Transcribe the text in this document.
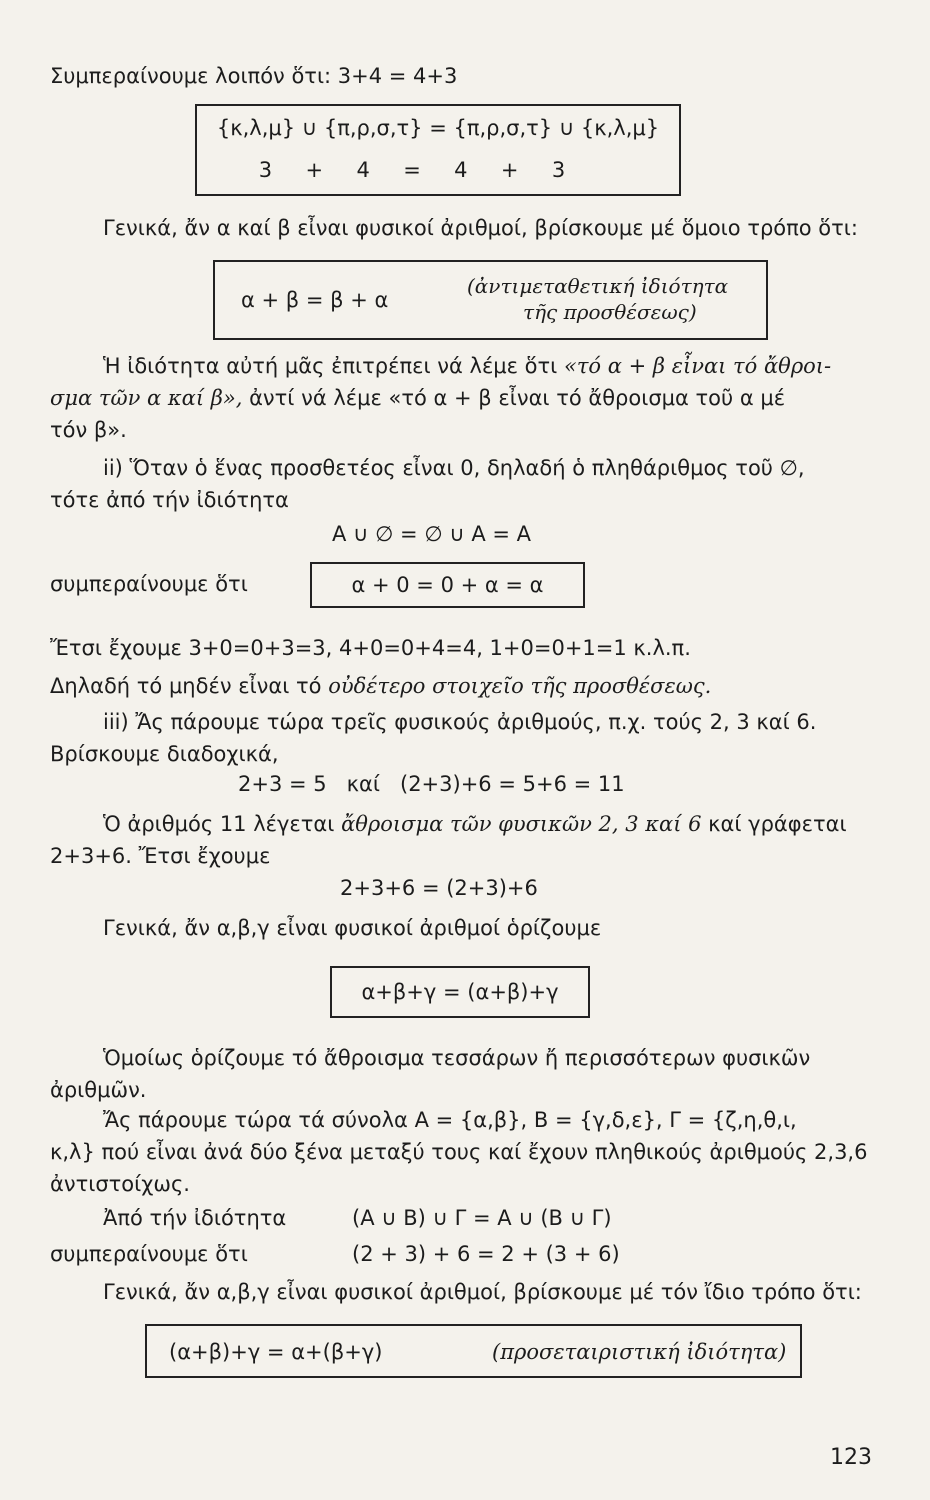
Συμπεραίνουμε λοιπόν ὅτι: 3+4 = 4+3
{κ,λ,μ} ∪ {π,ρ,σ,τ} = {π,ρ,σ,τ} ∪ {κ,λ,μ}
3     +     4     =     4     +     3
Γενικά, ἄν α καί β εἶναι φυσικοί ἀριθμοί, βρίσκουμε μέ ὅμοιο τρόπο ὅτι:
α + β = β + α
(ἀντιμεταθετική ἰδιότητα
τῆς προσθέσεως)
Ἡ ἰδιότητα αὐτή μᾶς ἐπιτρέπει νά λέμε ὅτι «τό α + β εἶναι τό ἄθροι-
σμα τῶν α καί β», ἀντί νά λέμε «τό α + β εἶναι τό ἄθροισμα τοῦ α μέ
τόν β».
ii) Ὅταν ὁ ἕνας προσθετέος εἶναι 0, δηλαδή ὁ πληθάριθμος τοῦ ∅,
τότε ἀπό τήν ἰδιότητα
A ∪ ∅ = ∅ ∪ A = A
συμπεραίνουμε ὅτι	α + 0 = 0 + α = α
Ἔτσι ἔχουμε 3+0=0+3=3, 4+0=0+4=4, 1+0=0+1=1 κ.λ.π.
Δηλαδή τό μηδέν εἶναι τό οὐδέτερο στοιχεῖο τῆς προσθέσεως.
iii) Ἄς πάρουμε τώρα τρεῖς φυσικούς ἀριθμούς, π.χ. τούς 2, 3 καί 6.
Βρίσκουμε διαδοχικά,
2+3 = 5   καί   (2+3)+6 = 5+6 = 11
Ὁ ἀριθμός 11 λέγεται ἄθροισμα τῶν φυσικῶν 2, 3 καί 6 καί γράφεται
2+3+6. Ἔτσι ἔχουμε
2+3+6 = (2+3)+6
Γενικά, ἄν α,β,γ εἶναι φυσικοί ἀριθμοί ὁρίζουμε
α+β+γ = (α+β)+γ
Ὁμοίως ὁρίζουμε τό ἄθροισμα τεσσάρων ἤ περισσότερων φυσικῶν
ἀριθμῶν.
Ἄς πάρουμε τώρα τά σύνολα A = {α,β}, B = {γ,δ,ε}, Γ = {ζ,η,θ,ι,
κ,λ} πού εἶναι ἀνά δύο ξένα μεταξύ τους καί ἔχουν πληθικούς ἀριθμούς 2,3,6
ἀντιστοίχως.
Ἀπό τήν ἰδιότητα	(A ∪ B) ∪ Γ = A ∪ (B ∪ Γ)
συμπεραίνουμε ὅτι	(2 + 3) + 6 = 2 + (3 + 6)
Γενικά, ἄν α,β,γ εἶναι φυσικοί ἀριθμοί, βρίσκουμε μέ τόν ἴδιο τρόπο ὅτι:
(α+β)+γ = α+(β+γ)	(προσεταιριστική ἰδιότητα)
123
